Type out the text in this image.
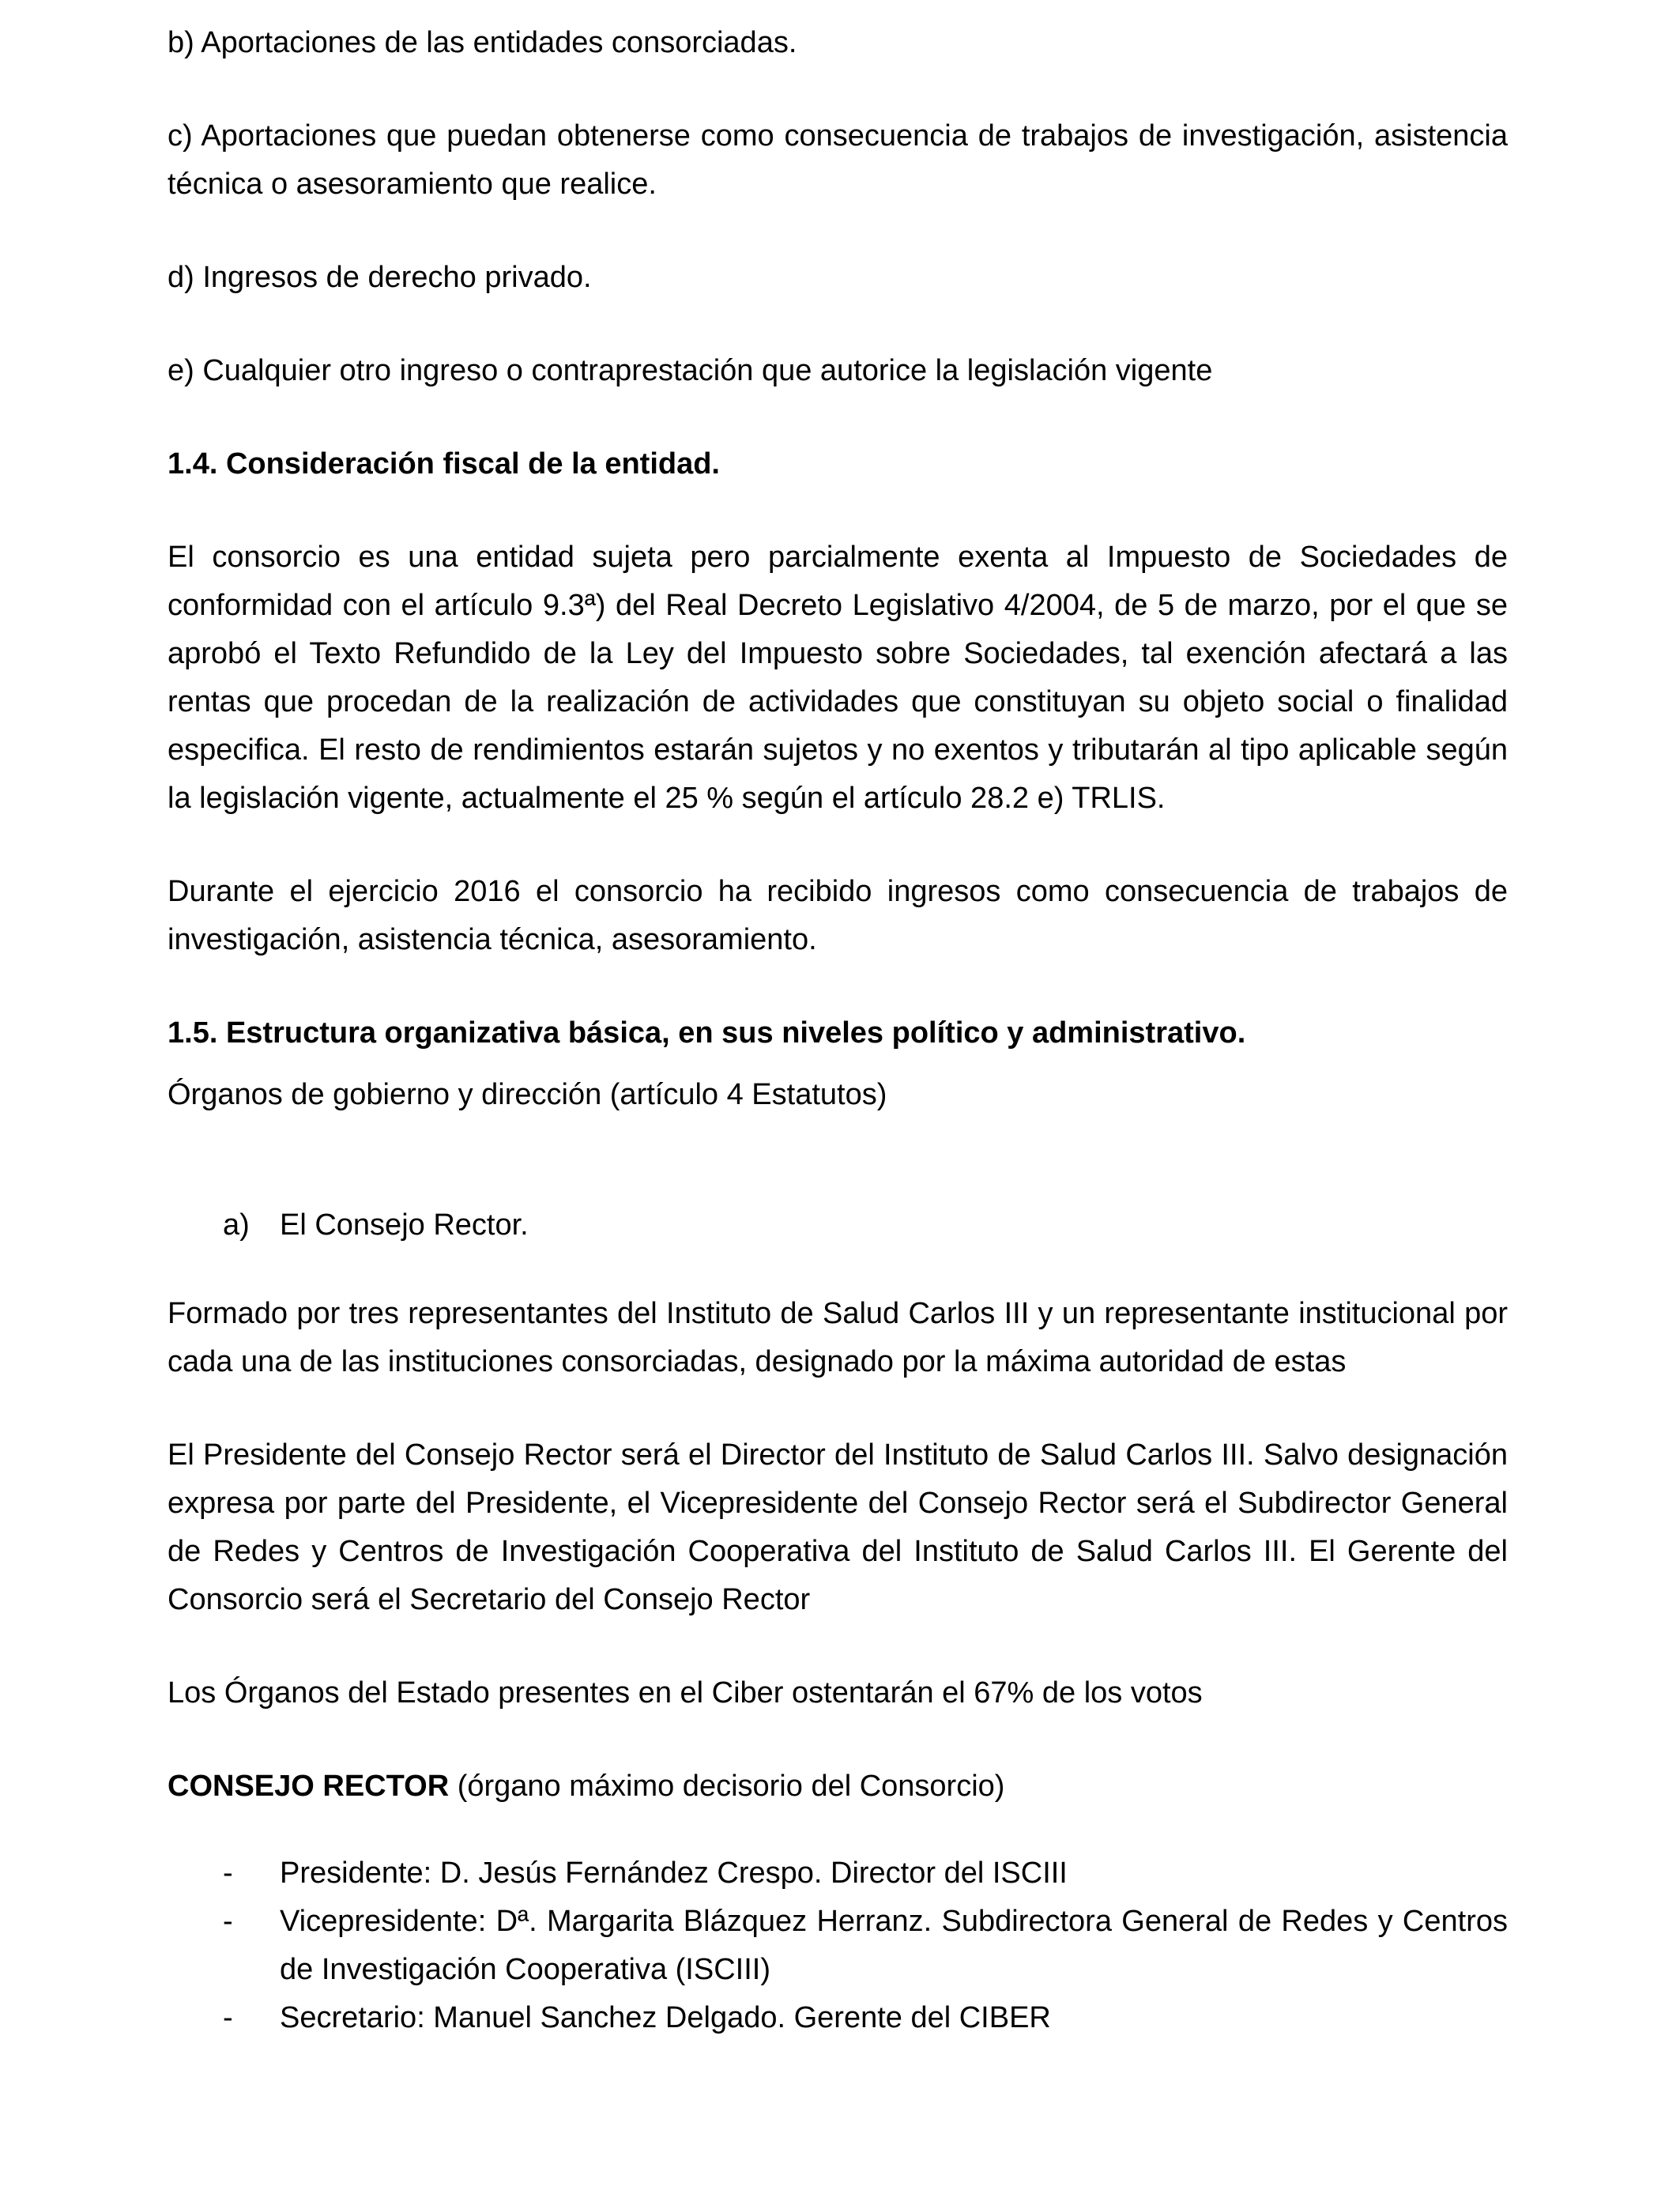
b) Aportaciones de las entidades consorciadas.

c) Aportaciones que puedan obtenerse como consecuencia de trabajos de investigación, asistencia técnica o asesoramiento que realice.

d) Ingresos de derecho privado.

e) Cualquier otro ingreso o contraprestación que autorice la legislación vigente

1.4. Consideración fiscal de la entidad.

El consorcio es una entidad sujeta pero parcialmente exenta al Impuesto de Sociedades de conformidad con el artículo 9.3ª) del Real Decreto Legislativo 4/2004, de 5 de marzo, por el que se aprobó el Texto Refundido de la Ley del Impuesto sobre Sociedades, tal exención afectará a las rentas que procedan de la realización de actividades que constituyan su objeto social o finalidad especifica. El resto de rendimientos estarán sujetos y no exentos y tributarán al tipo aplicable según la legislación vigente, actualmente el 25 % según el artículo 28.2 e) TRLIS.

Durante el ejercicio 2016 el consorcio ha recibido ingresos como consecuencia de trabajos de investigación, asistencia técnica, asesoramiento.

1.5. Estructura organizativa básica, en sus niveles político y administrativo.

Órganos de gobierno y dirección (artículo 4 Estatutos)

a) El Consejo Rector.

Formado por tres representantes del Instituto de Salud Carlos III y un representante institucional por cada una de las instituciones consorciadas, designado por la máxima autoridad de estas

El Presidente del Consejo Rector será el Director del Instituto de Salud Carlos III. Salvo designación expresa por parte del Presidente, el Vicepresidente del Consejo Rector será el Subdirector General de Redes y Centros de Investigación Cooperativa del Instituto de Salud Carlos III. El Gerente del Consorcio será el Secretario del Consejo Rector

Los Órganos del Estado presentes en el Ciber ostentarán el 67% de los votos

CONSEJO RECTOR (órgano máximo decisorio del Consorcio)

- Presidente: D. Jesús Fernández Crespo. Director del ISCIII
- Vicepresidente: Dª. Margarita Blázquez Herranz. Subdirectora General de Redes y Centros de Investigación Cooperativa (ISCIII)
- Secretario: Manuel Sanchez Delgado. Gerente del CIBER
